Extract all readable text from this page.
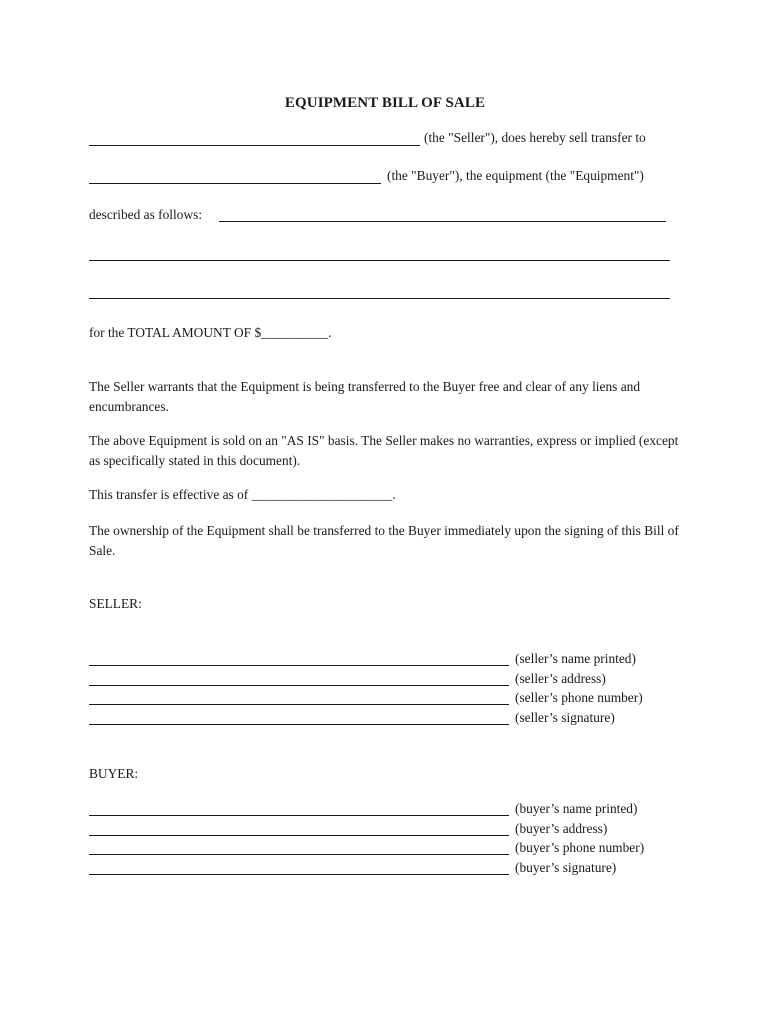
EQUIPMENT BILL OF SALE
(the "Seller"), does hereby sell transfer to
(the "Buyer"), the equipment (the "Equipment")
described as follows:
for the TOTAL AMOUNT OF $__________.
The Seller warrants that the Equipment is being transferred to the Buyer free and clear of any liens and encumbrances.
The above Equipment is sold on an "AS IS" basis. The Seller makes no warranties, express or implied (except as specifically stated in this document).
This transfer is effective as of _____________________.
The ownership of the Equipment shall be transferred to the Buyer immediately upon the signing of this Bill of Sale.
SELLER:
(seller’s name printed)
(seller’s address)
(seller’s phone number)
(seller’s signature)
BUYER:
(buyer’s name printed)
(buyer’s address)
(buyer’s phone number)
(buyer’s signature)
